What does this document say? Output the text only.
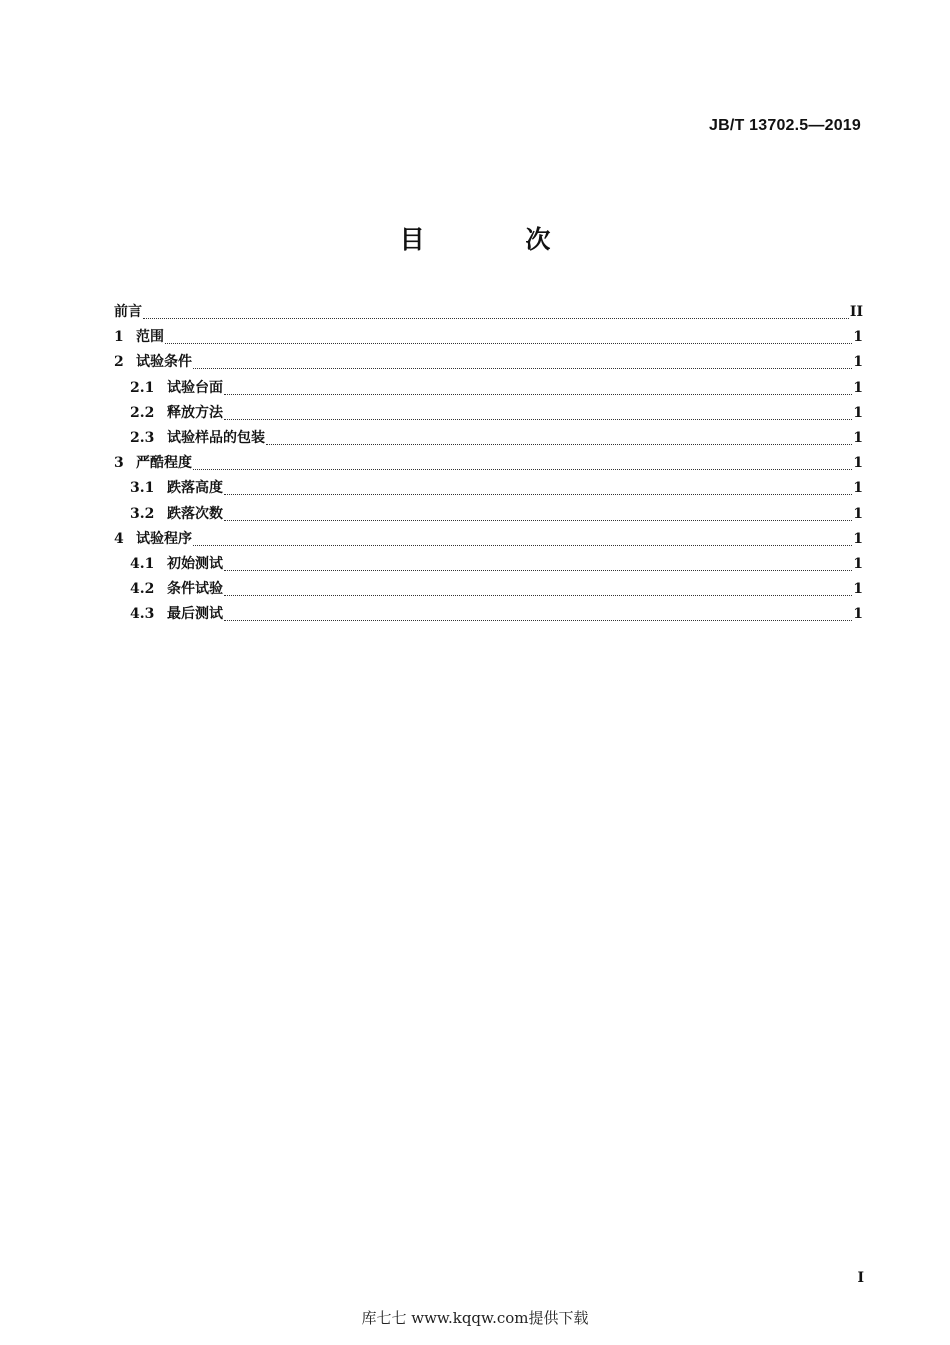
JB/T 13702.5—2019
目 次
前言	II
1 范围	1
2 试验条件	1
2.1 试验台面	1
2.2 释放方法	1
2.3 试验样品的包装	1
3 严酷程度	1
3.1 跌落高度	1
3.2 跌落次数	1
4 试验程序	1
4.1 初始测试	1
4.2 条件试验	1
4.3 最后测试	1
I
库七七 www.kqqw.com提供下载
